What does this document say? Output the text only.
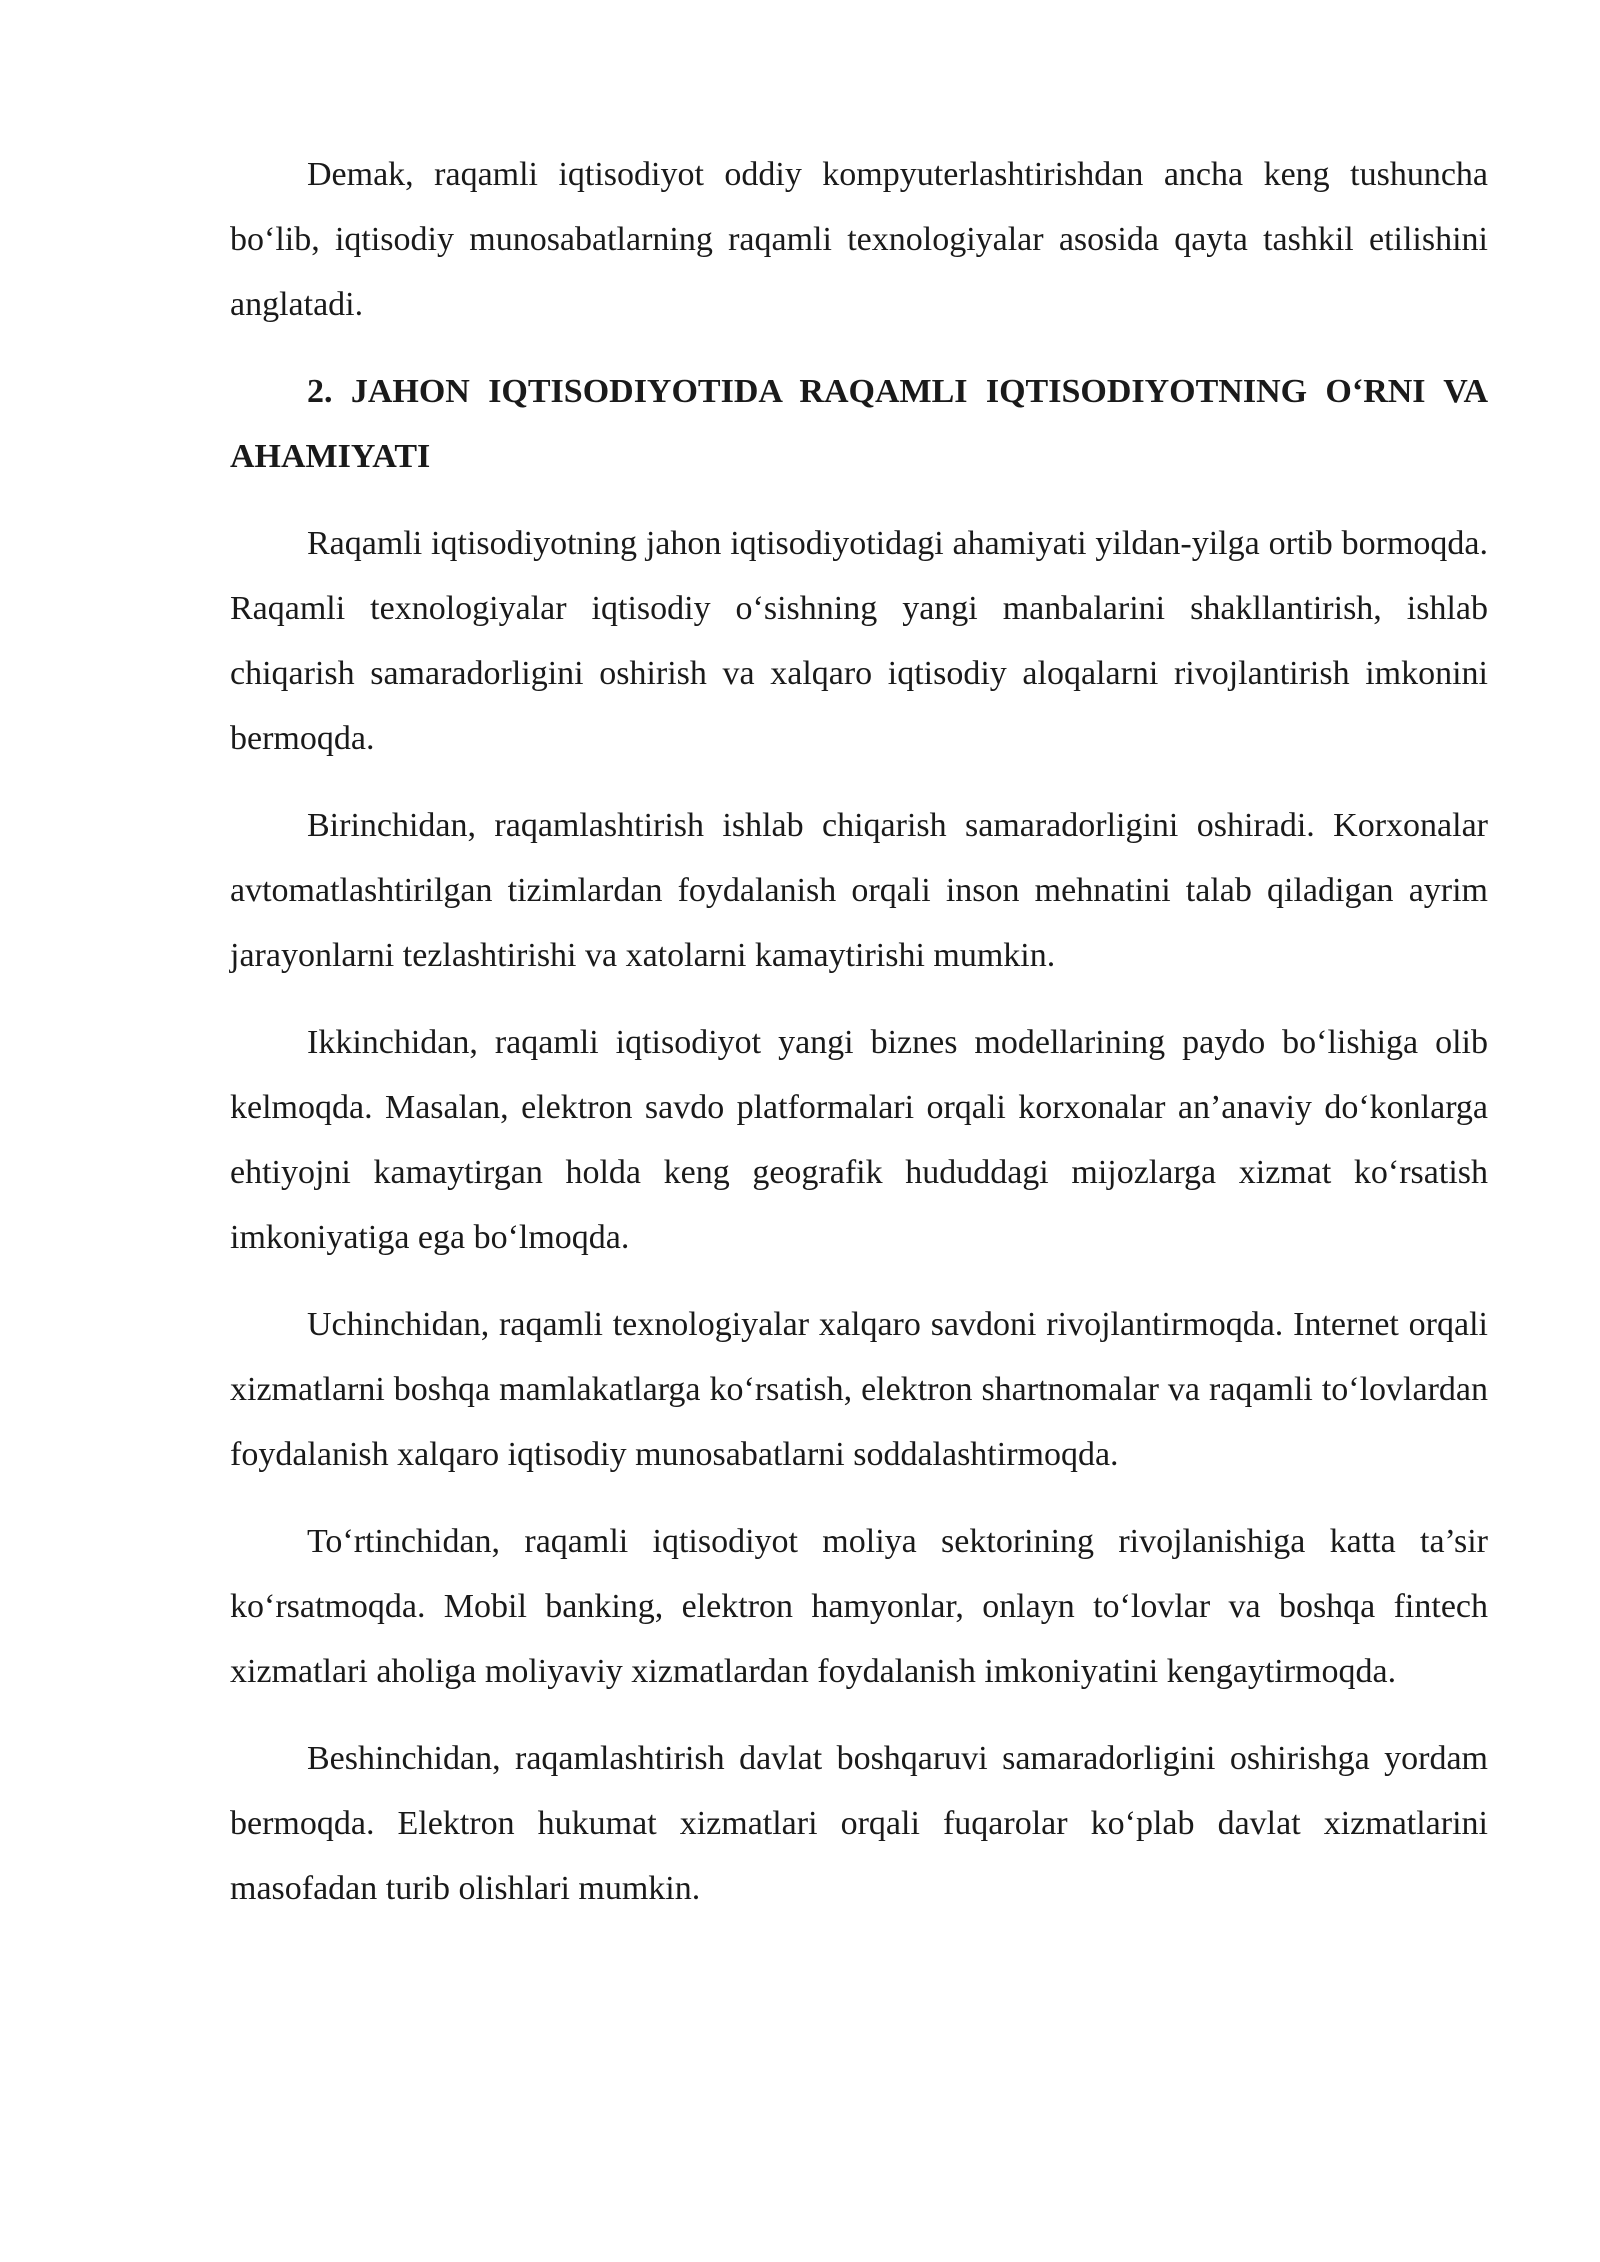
Demak, raqamli iqtisodiyot oddiy kompyuterlashtirishdan ancha keng tushuncha bo‘lib, iqtisodiy munosabatlarning raqamli texnologiyalar asosida qayta tashkil etilishini anglatadi.

2. JAHON IQTISODIYOTIDA RAQAMLI IQTISODIYOTNING O‘RNI VA AHAMIYATI

Raqamli iqtisodiyotning jahon iqtisodiyotidagi ahamiyati yildan-yilga ortib bormoqda. Raqamli texnologiyalar iqtisodiy o‘sishning yangi manbalarini shakllantirish, ishlab chiqarish samaradorligini oshirish va xalqaro iqtisodiy aloqalarni rivojlantirish imkonini bermoqda.

Birinchidan, raqamlashtirish ishlab chiqarish samaradorligini oshiradi. Korxonalar avtomatlashtirilgan tizimlardan foydalanish orqali inson mehnatini talab qiladigan ayrim jarayonlarni tezlashtirishi va xatolarni kamaytirishi mumkin.

Ikkinchidan, raqamli iqtisodiyot yangi biznes modellarining paydo bo‘lishiga olib kelmoqda. Masalan, elektron savdo platformalari orqali korxonalar an’anaviy do‘konlarga ehtiyojni kamaytirgan holda keng geografik hududdagi mijozlarga xizmat ko‘rsatish imkoniyatiga ega bo‘lmoqda.

Uchinchidan, raqamli texnologiyalar xalqaro savdoni rivojlantirmoqda. Internet orqali xizmatlarni boshqa mamlakatlarga ko‘rsatish, elektron shartnomalar va raqamli to‘lovlardan foydalanish xalqaro iqtisodiy munosabatlarni soddalashtirmoqda.

To‘rtinchidan, raqamli iqtisodiyot moliya sektorining rivojlanishiga katta ta’sir ko‘rsatmoqda. Mobil banking, elektron hamyonlar, onlayn to‘lovlar va boshqa fintech xizmatlari aholiga moliyaviy xizmatlardan foydalanish imkoniyatini kengaytirmoqda.

Beshinchidan, raqamlashtirish davlat boshqaruvi samaradorligini oshirishga yordam bermoqda. Elektron hukumat xizmatlari orqali fuqarolar ko‘plab davlat xizmatlarini masofadan turib olishlari mumkin.
